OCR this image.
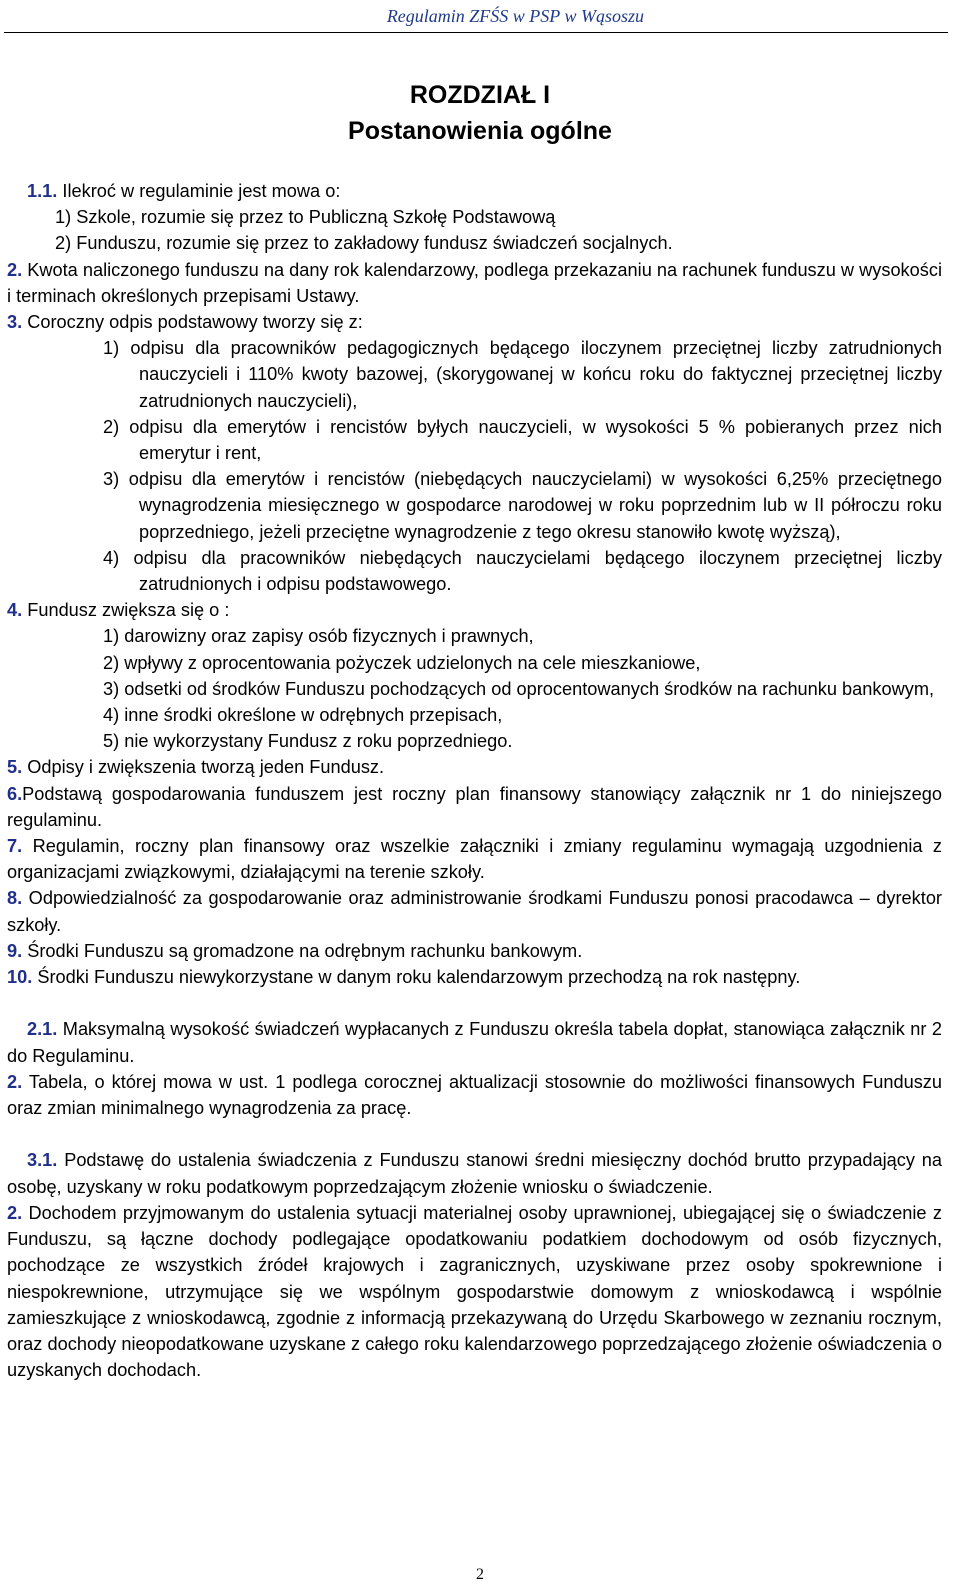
Regulamin ZFŚS w PSP w Wąsoszu
ROZDZIAŁ I
Postanowienia ogólne

1.1. Ilekroć w regulaminie jest mowa o:

1) Szkole, rozumie się przez to Publiczną Szkołę Podstawową

2) Funduszu, rozumie się przez to zakładowy fundusz świadczeń socjalnych.

2. Kwota naliczonego funduszu na dany rok kalendarzowy, podlega przekazaniu na rachunek funduszu w wysokości i terminach określonych przepisami Ustawy.

3. Coroczny odpis podstawowy tworzy się z:

1) odpisu dla pracowników pedagogicznych będącego iloczynem przeciętnej liczby zatrudnionych nauczycieli i 110% kwoty bazowej, (skorygowanej w końcu roku do faktycznej przeciętnej liczby zatrudnionych nauczycieli),

2) odpisu dla emerytów i rencistów byłych nauczycieli, w wysokości 5 % pobieranych przez nich emerytur i rent,

3) odpisu dla emerytów i rencistów (niebędących nauczycielami) w wysokości 6,25% przeciętnego wynagrodzenia miesięcznego w gospodarce narodowej w roku poprzednim lub w II półroczu roku poprzedniego, jeżeli przeciętne wynagrodzenie z tego okresu stanowiło kwotę wyższą),

4) odpisu dla pracowników niebędących nauczycielami będącego iloczynem przeciętnej liczby zatrudnionych i odpisu podstawowego.

4. Fundusz zwiększa się o :

1) darowizny oraz zapisy osób fizycznych i prawnych,

2) wpływy z oprocentowania pożyczek udzielonych na cele mieszkaniowe,

3) odsetki od środków Funduszu pochodzących od oprocentowanych środków na rachunku bankowym,

4) inne środki określone w odrębnych przepisach,

5) nie wykorzystany Fundusz z roku poprzedniego.

5. Odpisy i zwiększenia tworzą jeden Fundusz.

6.Podstawą gospodarowania funduszem jest roczny plan finansowy stanowiący załącznik nr 1 do niniejszego regulaminu.

7. Regulamin, roczny plan finansowy oraz wszelkie załączniki i zmiany regulaminu wymagają uzgodnienia z organizacjami związkowymi, działającymi na terenie szkoły.

8. Odpowiedzialność za gospodarowanie oraz administrowanie środkami Funduszu ponosi pracodawca – dyrektor szkoły.

9. Środki Funduszu są gromadzone na odrębnym rachunku bankowym.

10. Środki Funduszu niewykorzystane w danym roku kalendarzowym przechodzą na rok następny.

2.1. Maksymalną wysokość świadczeń wypłacanych z Funduszu określa tabela dopłat, stanowiąca załącznik nr 2 do Regulaminu.

2. Tabela, o której mowa w ust. 1 podlega corocznej aktualizacji stosownie do możliwości finansowych Funduszu oraz zmian minimalnego wynagrodzenia za pracę.

3.1. Podstawę do ustalenia świadczenia z Funduszu stanowi średni miesięczny dochód brutto przypadający na osobę, uzyskany w roku podatkowym poprzedzającym złożenie wniosku o świadczenie.

2. Dochodem przyjmowanym do ustalenia sytuacji materialnej osoby uprawnionej, ubiegającej się o świadczenie z Funduszu, są łączne dochody podlegające opodatkowaniu podatkiem dochodowym od osób fizycznych, pochodzące ze wszystkich źródeł krajowych i zagranicznych, uzyskiwane przez osoby spokrewnione i niespokrewnione, utrzymujące się we wspólnym gospodarstwie domowym z wnioskodawcą i wspólnie zamieszkujące z wnioskodawcą, zgodnie z informacją przekazywaną do Urzędu Skarbowego w zeznaniu rocznym, oraz dochody nieopodatkowane uzyskane z całego roku kalendarzowego poprzedzającego złożenie oświadczenia o uzyskanych dochodach.

2
